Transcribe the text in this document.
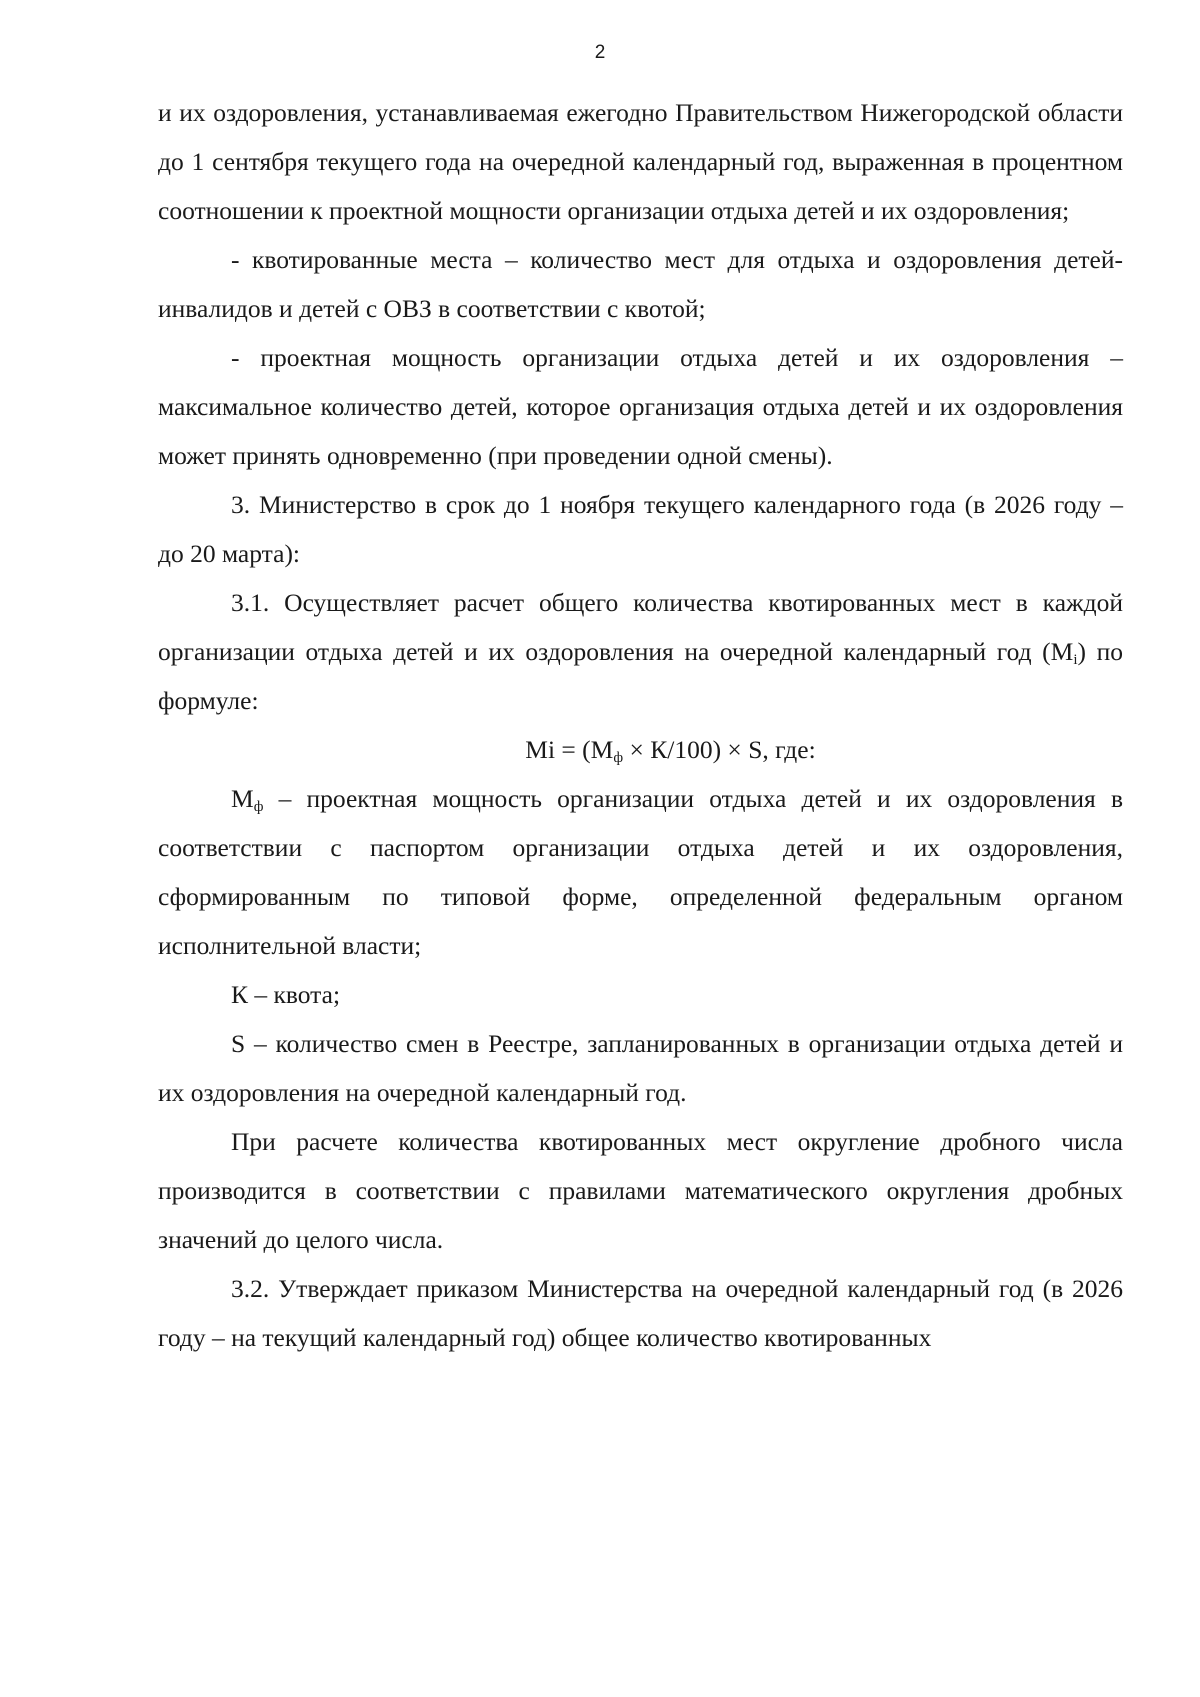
2

и их оздоровления, устанавливаемая ежегодно Правительством Нижегородской области до 1 сентября текущего года на очередной календарный год, выраженная в процентном соотношении к проектной мощности организации отдыха детей и их оздоровления;

- квотированные места – количество мест для отдыха и оздоровления детей-инвалидов и детей с ОВЗ в соответствии с квотой;

- проектная мощность организации отдыха детей и их оздоровления – максимальное количество детей, которое организация отдыха детей и их оздоровления может принять одновременно (при проведении одной смены).

3. Министерство в срок до 1 ноября текущего календарного года (в 2026 году – до 20 марта):

3.1. Осуществляет расчет общего количества квотированных мест в каждой организации отдыха детей и их оздоровления на очередной календарный год $(M_i)$ по формуле:

$Mi = (M_ф \times К/100) \times S$, где:

$M_ф$ – проектная мощность организации отдыха детей и их оздоровления в соответствии с паспортом организации отдыха детей и их оздоровления, сформированным по типовой форме, определенной федеральным органом исполнительной власти;

К – квота;

S – количество смен в Реестре, запланированных в организации отдыха детей и их оздоровления на очередной календарный год.

При расчете количества квотированных мест округление дробного числа производится в соответствии с правилами математического округления дробных значений до целого числа.

3.2. Утверждает приказом Министерства на очередной календарный год (в 2026 году – на текущий календарный год) общее количество квотированных
